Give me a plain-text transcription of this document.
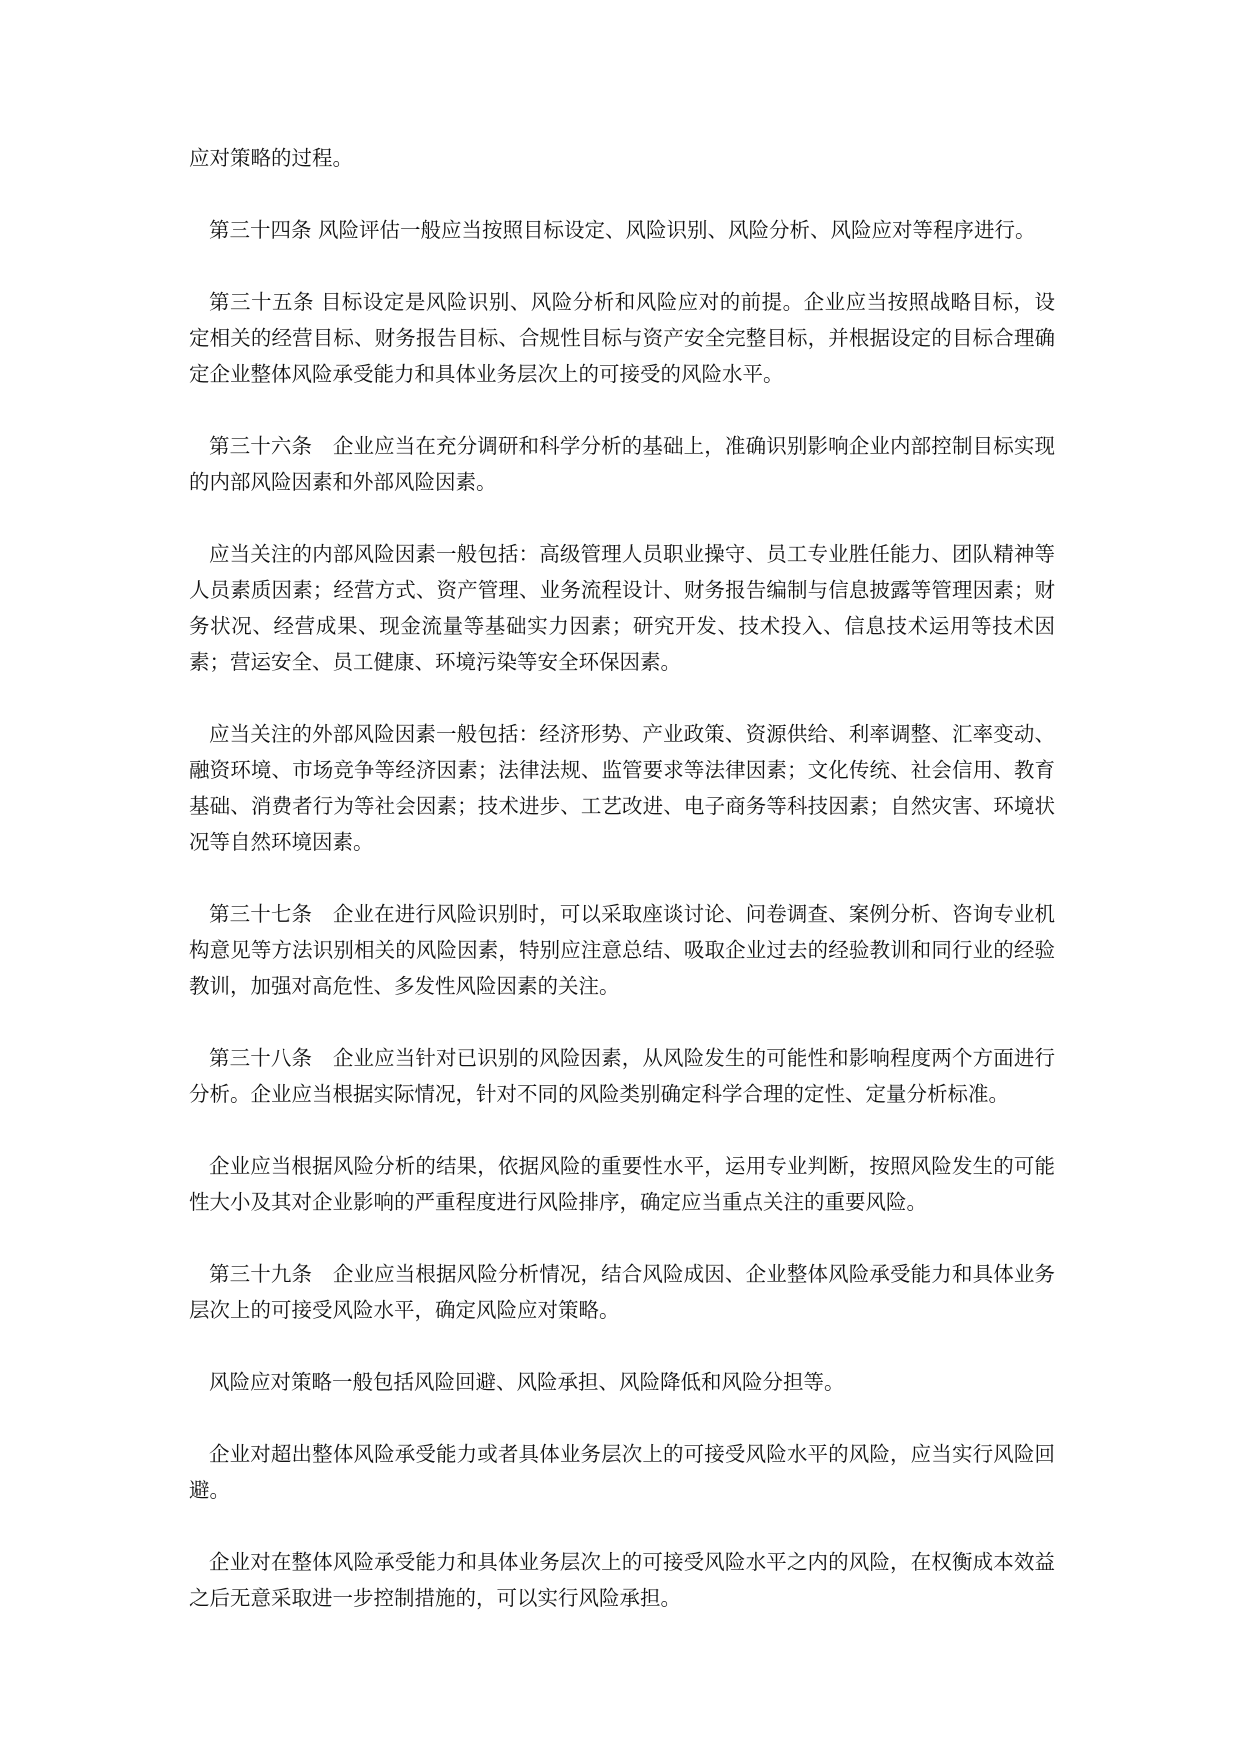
应对策略的过程。

第三十四条 风险评估一般应当按照目标设定、风险识别、风险分析、风险应对等程序进行。

第三十五条 目标设定是风险识别、风险分析和风险应对的前提。企业应当按照战略目标，设定相关的经营目标、财务报告目标、合规性目标与资产安全完整目标，并根据设定的目标合理确定企业整体风险承受能力和具体业务层次上的可接受的风险水平。

第三十六条　企业应当在充分调研和科学分析的基础上，准确识别影响企业内部控制目标实现的内部风险因素和外部风险因素。

应当关注的内部风险因素一般包括：高级管理人员职业操守、员工专业胜任能力、团队精神等人员素质因素；经营方式、资产管理、业务流程设计、财务报告编制与信息披露等管理因素；财务状况、经营成果、现金流量等基础实力因素；研究开发、技术投入、信息技术运用等技术因素；营运安全、员工健康、环境污染等安全环保因素。

应当关注的外部风险因素一般包括：经济形势、产业政策、资源供给、利率调整、汇率变动、融资环境、市场竞争等经济因素；法律法规、监管要求等法律因素；文化传统、社会信用、教育基础、消费者行为等社会因素；技术进步、工艺改进、电子商务等科技因素；自然灾害、环境状况等自然环境因素。

第三十七条　企业在进行风险识别时，可以采取座谈讨论、问卷调查、案例分析、咨询专业机构意见等方法识别相关的风险因素，特别应注意总结、吸取企业过去的经验教训和同行业的经验教训，加强对高危性、多发性风险因素的关注。

第三十八条　企业应当针对已识别的风险因素，从风险发生的可能性和影响程度两个方面进行分析。企业应当根据实际情况，针对不同的风险类别确定科学合理的定性、定量分析标准。

企业应当根据风险分析的结果，依据风险的重要性水平，运用专业判断，按照风险发生的可能性大小及其对企业影响的严重程度进行风险排序，确定应当重点关注的重要风险。

第三十九条　企业应当根据风险分析情况，结合风险成因、企业整体风险承受能力和具体业务层次上的可接受风险水平，确定风险应对策略。

风险应对策略一般包括风险回避、风险承担、风险降低和风险分担等。

企业对超出整体风险承受能力或者具体业务层次上的可接受风险水平的风险，应当实行风险回避。

企业对在整体风险承受能力和具体业务层次上的可接受风险水平之内的风险，在权衡成本效益之后无意采取进一步控制措施的，可以实行风险承担。
